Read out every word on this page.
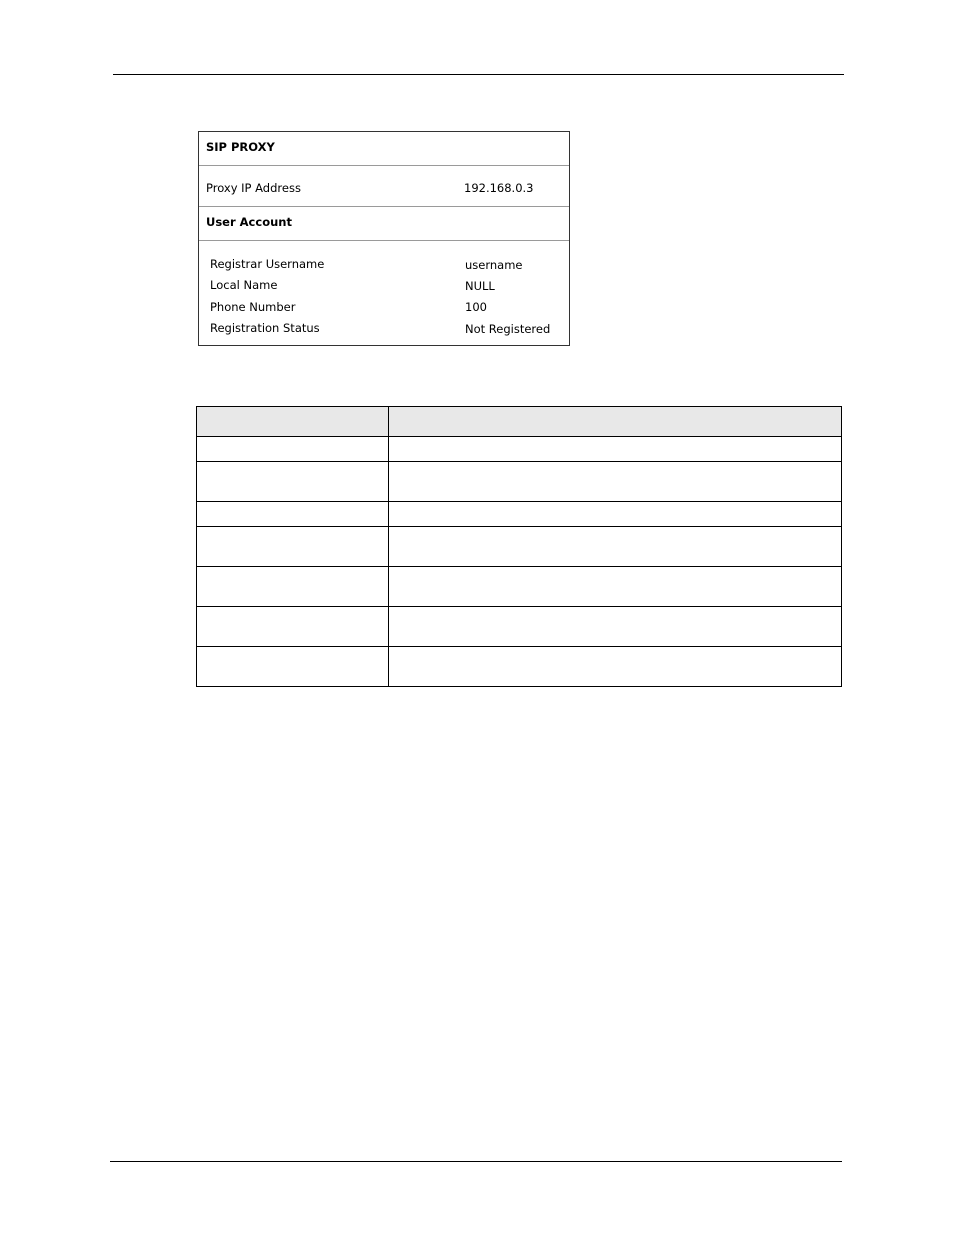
SIP PROXY
Proxy IP Address	192.168.0.3
User Account
Registrar Username	username
Local Name	NULL
Phone Number	100
Registration Status	Not Registered
